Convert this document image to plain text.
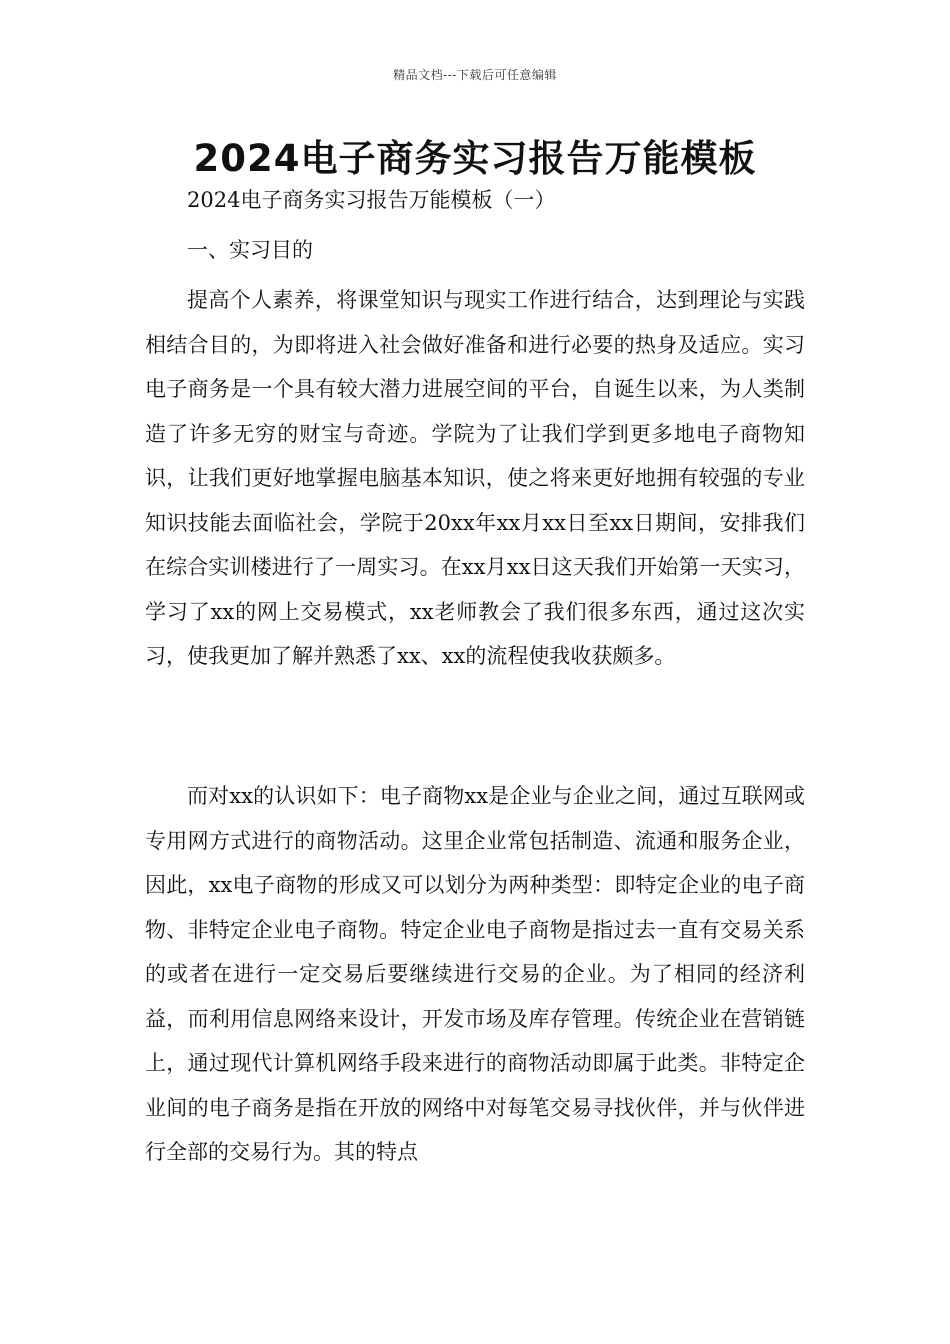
精品文档---下载后可任意编辑
2024电子商务实习报告万能模板
2024电子商务实习报告万能模板（一）
一、实习目的

提高个人素养，将课堂知识与现实工作进行结合，达到理论与实践相结合目的，为即将进入社会做好准备和进行必要的热身及适应。实习电子商务是一个具有较大潜力进展空间的平台，自诞生以来，为人类制造了许多无穷的财宝与奇迹。学院为了让我们学到更多地电子商物知识，让我们更好地掌握电脑基本知识，使之将来更好地拥有较强的专业知识技能去面临社会，学院于20xx年xx月xx日至xx日期间，安排我们在综合实训楼进行了一周实习。在xx月xx日这天我们开始第一天实习，学习了xx的网上交易模式，xx老师教会了我们很多东西，通过这次实习，使我更加了解并熟悉了xx、xx的流程使我收获颇多。

而对xx的认识如下：电子商物xx是企业与企业之间，通过互联网或专用网方式进行的商物活动。这里企业常包括制造、流通和服务企业，因此，xx电子商物的形成又可以划分为两种类型：即特定企业的电子商物、非特定企业电子商物。特定企业电子商物是指过去一直有交易关系的或者在进行一定交易后要继续进行交易的企业。为了相同的经济利益，而利用信息网络来设计，开发市场及库存管理。传统企业在营销链上，通过现代计算机网络手段来进行的商物活动即属于此类。非特定企业间的电子商务是指在开放的网络中对每笔交易寻找伙伴，并与伙伴进行全部的交易行为。其的特点
